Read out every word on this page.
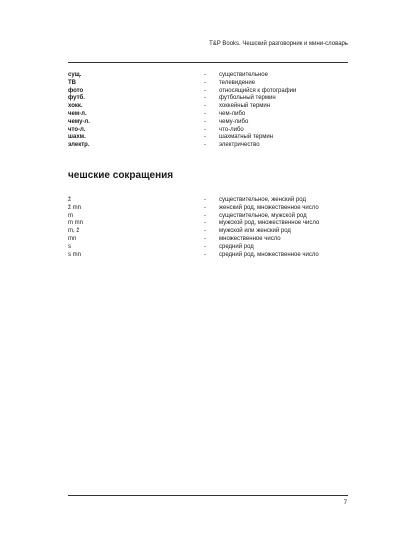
T&P Books. Чешский разговорник и мини-словарь
сущ.	- существительное
ТВ	- телевидение
фото	- относящийся к фотографии
футб.	- футбольный термин
хокк.	- хоккейный термин
чем-л.	- чем-либо
чему-л.	- чему-либо
что-л.	- что-либо
шахм.	- шахматный термин
электр.	- электричество
чешские сокращения
ž	- существительное, женский род
ž mn	- женский род, множественное число
m	- существительное, мужской род
m mn	- мужской род, множественное число
m, ž	- мужской или женский род
mn	- множественное число
s	- средний род
s mn	- средний род, множественное число
7
